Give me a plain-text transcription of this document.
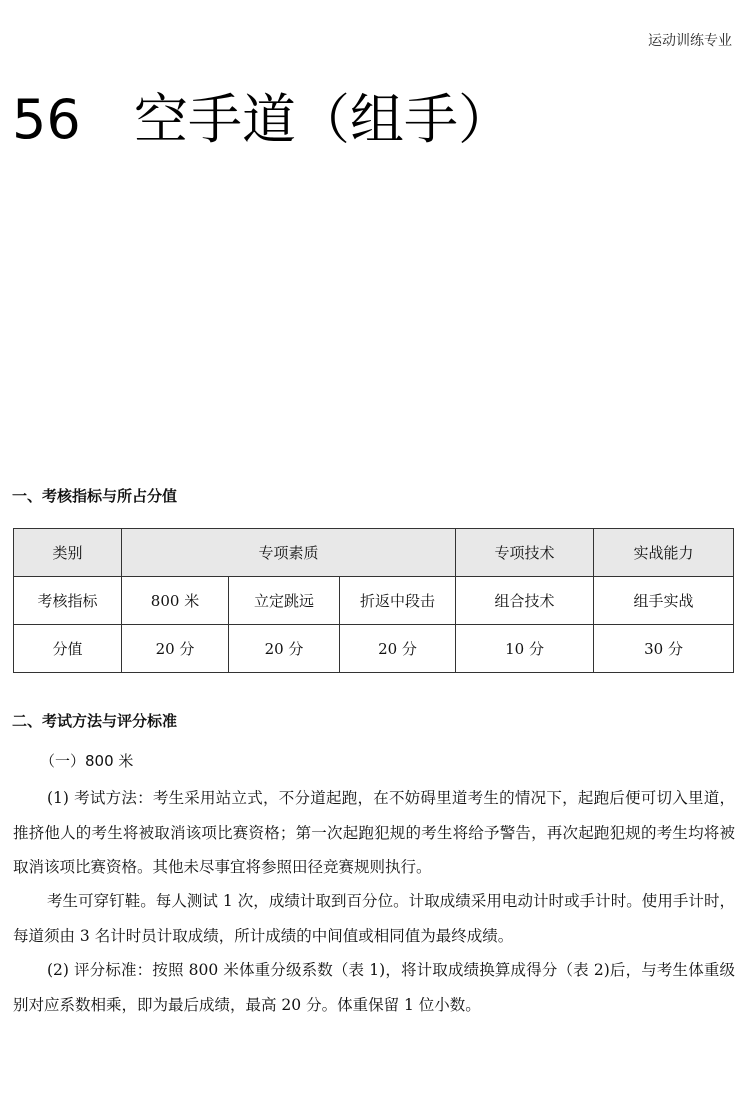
运动训练专业
56 空手道（组手）
一、考核指标与所占分值
类别	专项素质			专项技术	实战能力
考核指标	800 米	立定跳远	折返中段击	组合技术	组手实战
分值	20 分	20 分	20 分	10 分	30 分
二、考试方法与评分标准
（一）800 米

(1) 考试方法：考生采用站立式，不分道起跑，在不妨碍里道考生的情况下，起跑后便可切入里道，推挤他人的考生将被取消该项比赛资格；第一次起跑犯规的考生将给予警告，再次起跑犯规的考生均将被取消该项比赛资格。其他未尽事宜将参照田径竞赛规则执行。

考生可穿钉鞋。每人测试 1 次，成绩计取到百分位。计取成绩采用电动计时或手计时。使用手计时，每道须由 3 名计时员计取成绩，所计成绩的中间值或相同值为最终成绩。

(2) 评分标准：按照 800 米体重分级系数（表 1)，将计取成绩换算成得分（表 2)后，与考生体重级别对应系数相乘，即为最后成绩，最高 20 分。体重保留 1 位小数。
